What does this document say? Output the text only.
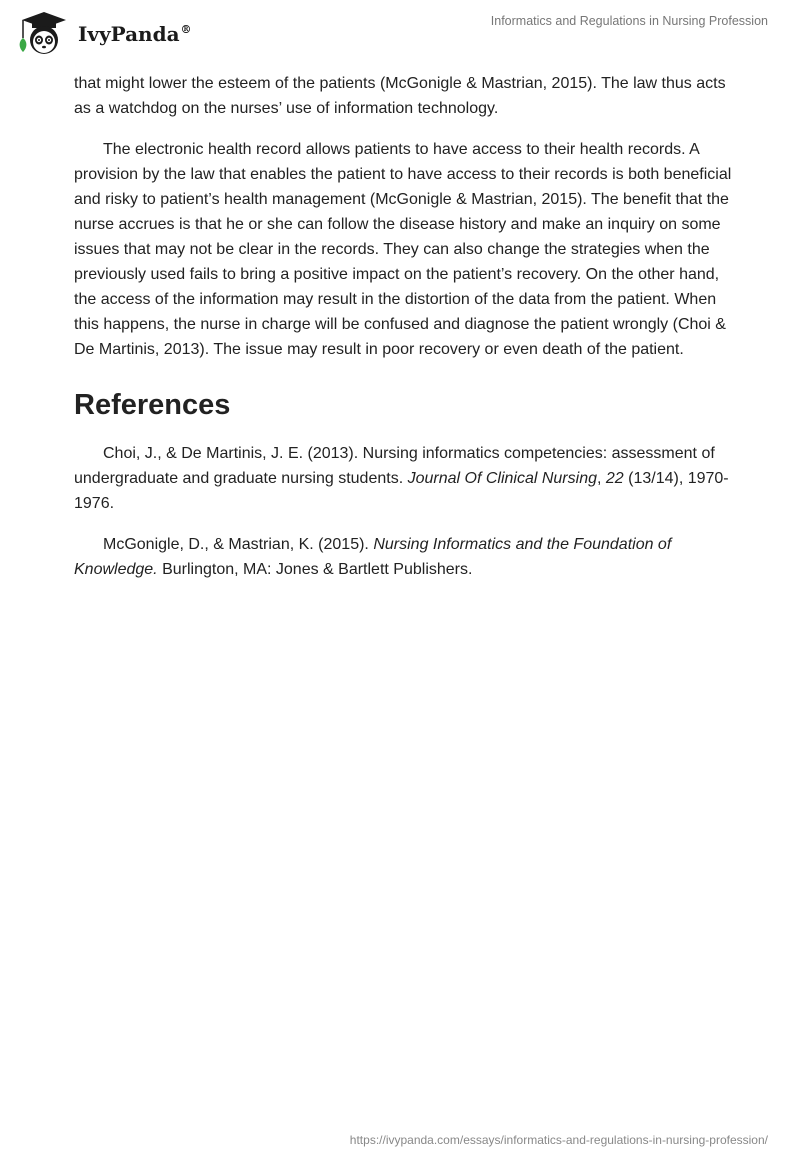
IvyPanda®
Informatics and Regulations in Nursing Profession

that might lower the esteem of the patients (McGonigle & Mastrian, 2015). The law thus acts as a watchdog on the nurses’ use of information technology.

The electronic health record allows patients to have access to their health records. A provision by the law that enables the patient to have access to their records is both beneficial and risky to patient’s health management (McGonigle & Mastrian, 2015). The benefit that the nurse accrues is that he or she can follow the disease history and make an inquiry on some issues that may not be clear in the records. They can also change the strategies when the previously used fails to bring a positive impact on the patient’s recovery. On the other hand, the access of the information may result in the distortion of the data from the patient. When this happens, the nurse in charge will be confused and diagnose the patient wrongly (Choi & De Martinis, 2013). The issue may result in poor recovery or even death of the patient.

References

Choi, J., & De Martinis, J. E. (2013). Nursing informatics competencies: assessment of undergraduate and graduate nursing students. Journal Of Clinical Nursing, 22 (13/14), 1970-1976.

McGonigle, D., & Mastrian, K. (2015). Nursing Informatics and the Foundation of Knowledge. Burlington, MA: Jones & Bartlett Publishers.

https://ivypanda.com/essays/informatics-and-regulations-in-nursing-profession/
